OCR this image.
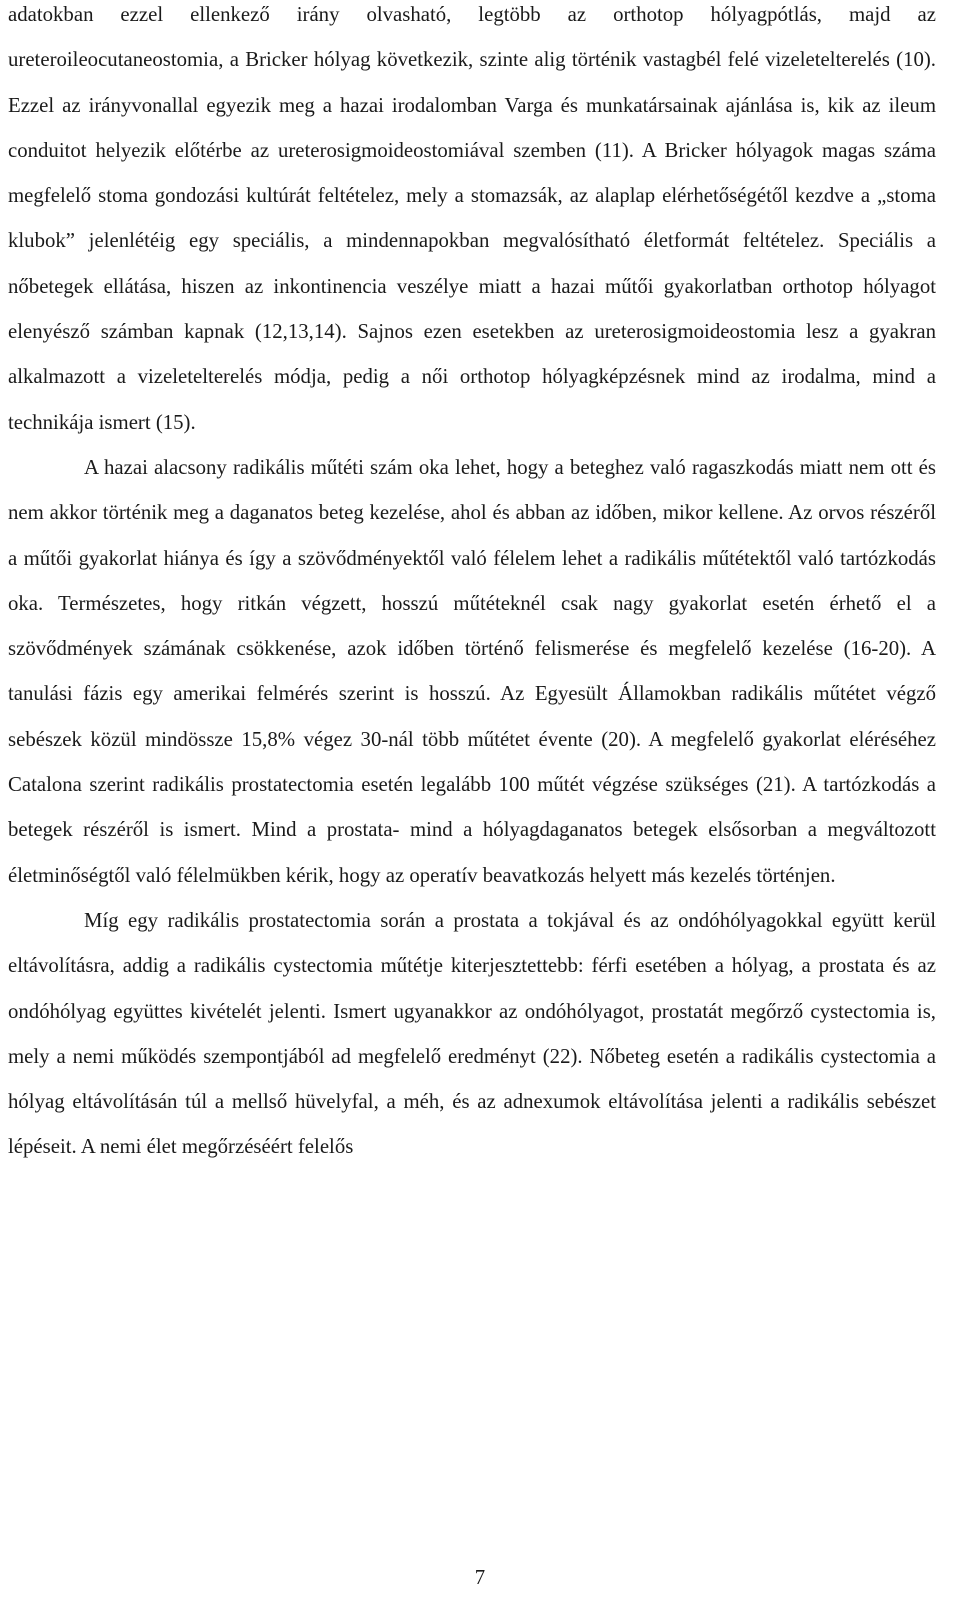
adatokban ezzel ellenkező irány olvasható, legtöbb az orthotop hólyagpótlás, majd az ureteroileocutaneostomia, a Bricker hólyag következik, szinte alig történik vastagbél felé vizeletelterelés (10). Ezzel az irányvonallal egyezik meg a hazai irodalomban Varga és munkatársainak ajánlása is, kik az ileum conduitot helyezik előtérbe az ureterosigmoideostomiával szemben (11). A Bricker hólyagok magas száma megfelelő stoma gondozási kultúrát feltételez, mely a stomazsák, az alaplap elérhetőségétől kezdve a „stoma klubok” jelenlétéig egy speciális, a mindennapokban megvalósítható életformát feltételez. Speciális a nőbetegek ellátása, hiszen az inkontinencia veszélye miatt a hazai műtői gyakorlatban orthotop hólyagot elenyésző számban kapnak (12,13,14). Sajnos ezen esetekben az ureterosigmoideostomia lesz a gyakran alkalmazott a vizeletelterelés módja, pedig a női orthotop hólyagképzésnek mind az irodalma, mind a technikája ismert (15).

A hazai alacsony radikális műtéti szám oka lehet, hogy a beteghez való ragaszkodás miatt nem ott és nem akkor történik meg a daganatos beteg kezelése, ahol és abban az időben, mikor kellene. Az orvos részéről a műtői gyakorlat hiánya és így a szövődményektől való félelem lehet a radikális műtétektől való tartózkodás oka. Természetes, hogy ritkán végzett, hosszú műtéteknél csak nagy gyakorlat esetén érhető el a szövődmények számának csökkenése, azok időben történő felismerése és megfelelő kezelése (16-20). A tanulási fázis egy amerikai felmérés szerint is hosszú. Az Egyesült Államokban radikális műtétet végző sebészek közül mindössze 15,8% végez 30-nál több műtétet évente (20). A megfelelő gyakorlat eléréséhez Catalona szerint radikális prostatectomia esetén legalább 100 műtét végzése szükséges (21). A tartózkodás a betegek részéről is ismert. Mind a prostata- mind a hólyagdaganatos betegek elsősorban a megváltozott életminőségtől való félelmükben kérik, hogy az operatív beavatkozás helyett más kezelés történjen.

Míg egy radikális prostatectomia során a prostata a tokjával és az ondóhólyagokkal együtt kerül eltávolításra, addig a radikális cystectomia műtétje kiterjesztettebb: férfi esetében a hólyag, a prostata és az ondóhólyag együttes kivételét jelenti. Ismert ugyanakkor az ondóhólyagot, prostatát megőrző cystectomia is, mely a nemi működés szempontjából ad megfelelő eredményt (22). Nőbeteg esetén a radikális cystectomia a hólyag eltávolításán túl a mellső hüvelyfal, a méh, és az adnexumok eltávolítása jelenti a radikális sebészet lépéseit. A nemi élet megőrzéséért felelős

7
